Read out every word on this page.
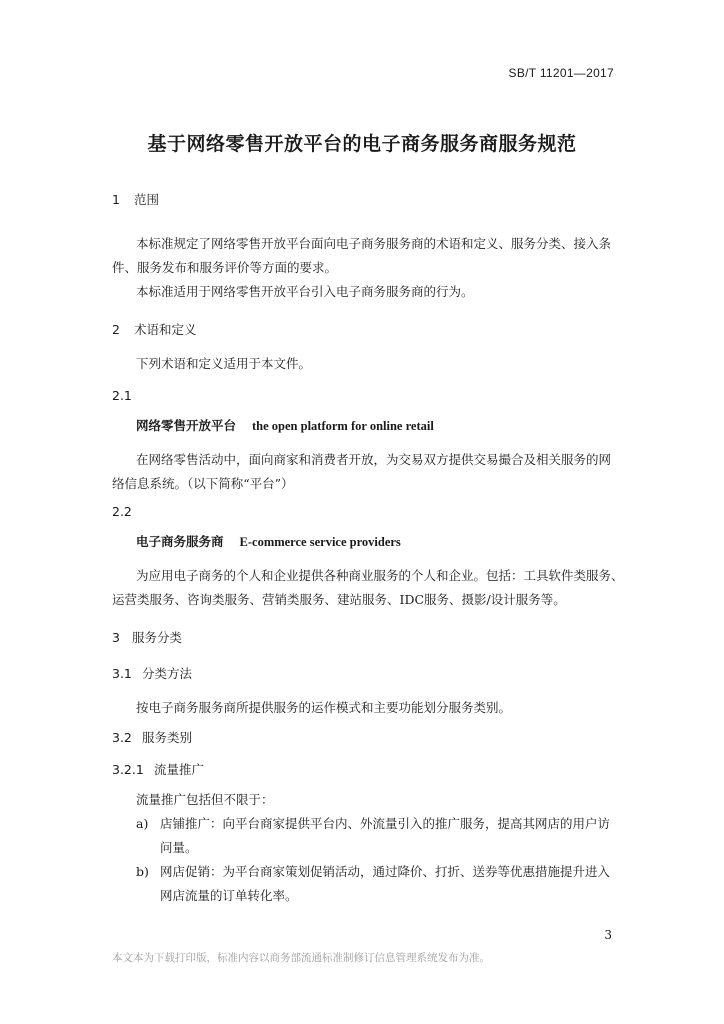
SB/T 11201—2017
基于网络零售开放平台的电子商务服务商服务规范
1 范围
本标准规定了网络零售开放平台面向电子商务服务商的术语和定义、服务分类、接入条
件、服务发布和服务评价等方面的要求。
本标准适用于网络零售开放平台引入电子商务服务商的行为。
2 术语和定义
下列术语和定义适用于本文件。
2.1
网络零售开放平台 the open platform for online retail
在网络零售活动中，面向商家和消费者开放，为交易双方提供交易撮合及相关服务的网
络信息系统。（以下简称“平台”）
2.2
电子商务服务商 E-commerce service providers
为应用电子商务的个人和企业提供各种商业服务的个人和企业。包括：工具软件类服务、
运营类服务、咨询类服务、营销类服务、建站服务、IDC服务、摄影/设计服务等。
3 服务分类
3.1 分类方法
按电子商务服务商所提供服务的运作模式和主要功能划分服务类别。
3.2 服务类别
3.2.1 流量推广
流量推广包括但不限于：
a) 店铺推广：向平台商家提供平台内、外流量引入的推广服务，提高其网店的用户访
问量。
b) 网店促销：为平台商家策划促销活动，通过降价、打折、送券等优惠措施提升进入
网店流量的订单转化率。
3
本文本为下载打印版，标准内容以商务部流通标准制修订信息管理系统发布为准。
